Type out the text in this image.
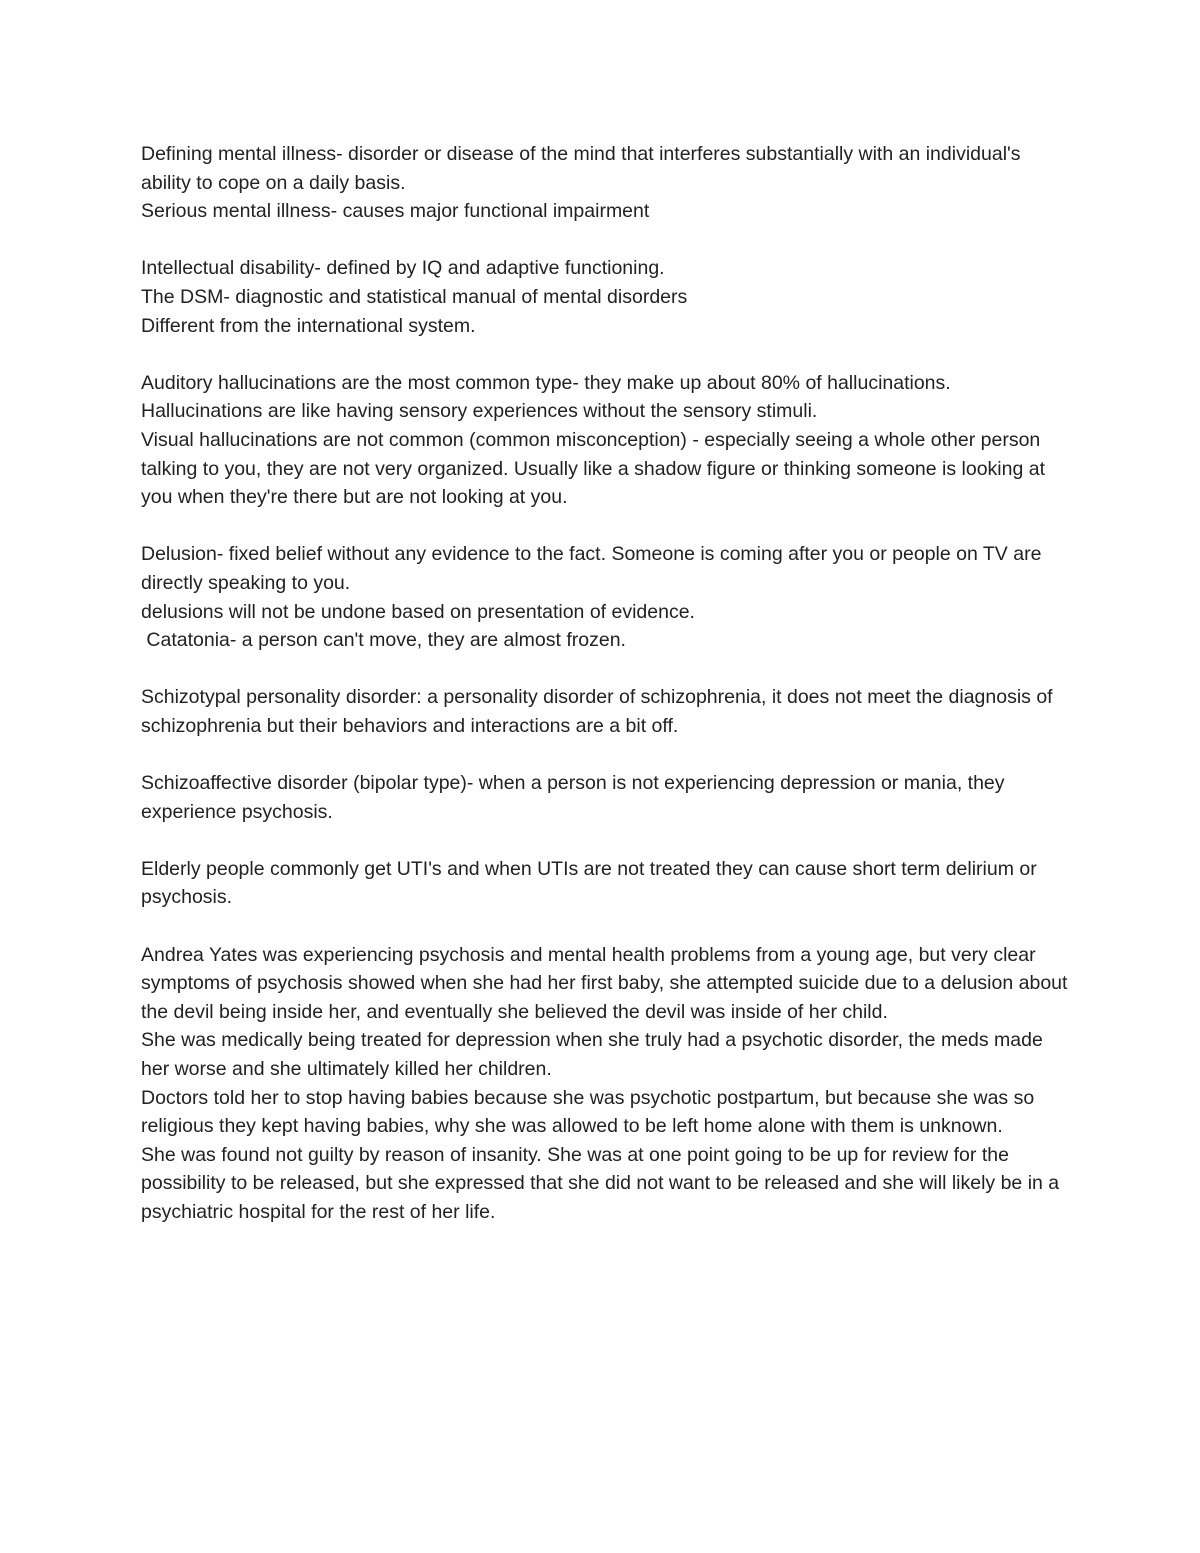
Defining mental illness- disorder or disease of the mind that interferes substantially with an individual's ability to cope on a daily basis.
Serious mental illness- causes major functional impairment
Intellectual disability- defined by IQ and adaptive functioning.
The DSM- diagnostic and statistical manual of mental disorders
Different from the international system.
Auditory hallucinations are the most common type- they make up about 80% of hallucinations.
Hallucinations are like having sensory experiences without the sensory stimuli.
Visual hallucinations are not common (common misconception) - especially seeing a whole other person talking to you, they are not very organized. Usually like a shadow figure or thinking someone is looking at you when they're there but are not looking at you.
Delusion- fixed belief without any evidence to the fact. Someone is coming after you or people on TV are directly speaking to you.
delusions will not be undone based on presentation of evidence.
Catatonia- a person can't move, they are almost frozen.
Schizotypal personality disorder: a personality disorder of schizophrenia, it does not meet the diagnosis of schizophrenia but their behaviors and interactions are a bit off.
Schizoaffective disorder (bipolar type)- when a person is not experiencing depression or mania, they experience psychosis.
Elderly people commonly get UTI's and when UTIs are not treated they can cause short term delirium or psychosis.
Andrea Yates was experiencing psychosis and mental health problems from a young age, but very clear symptoms of psychosis showed when she had her first baby, she attempted suicide due to a delusion about the devil being inside her, and eventually she believed the devil was inside of her child.
She was medically being treated for depression when she truly had a psychotic disorder, the meds made her worse and she ultimately killed her children.
Doctors told her to stop having babies because she was psychotic postpartum, but because she was so religious they kept having babies, why she was allowed to be left home alone with them is unknown.
She was found not guilty by reason of insanity. She was at one point going to be up for review for the possibility to be released, but she expressed that she did not want to be released and she will likely be in a psychiatric hospital for the rest of her life.
